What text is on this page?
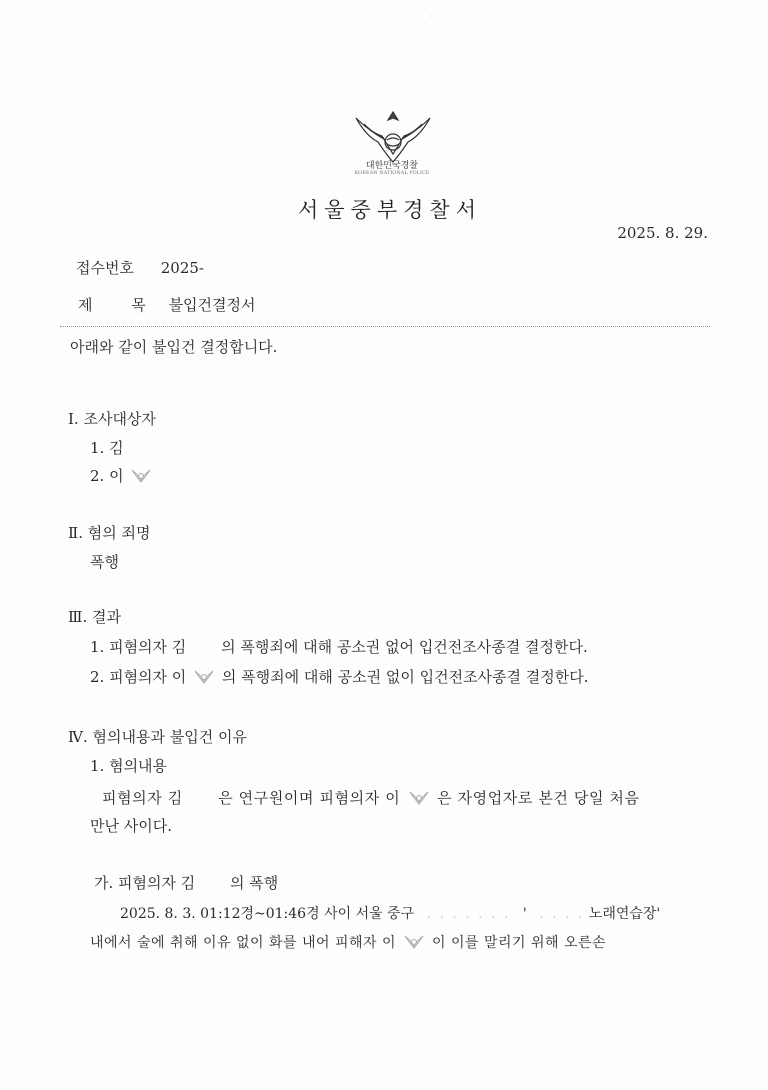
·	·	·
대한민국경찰
KOREAN NATIONAL POLICE
서울중부경찰서
2025. 8. 29.
접수번호 2025-
제	목 불입건결정서
아래와 같이 불입건 결정합니다.
Ⅰ. 조사대상자
1. 김
2. 이
Ⅱ. 혐의 죄명
폭행
Ⅲ. 결과
1. 피혐의자 김 의 폭행죄에 대해 공소권 없어 입건전조사종결 결정한다.
2. 피혐의자 이 의 폭행죄에 대해 공소권 없이 입건전조사종결 결정한다.
Ⅳ. 혐의내용과 불입건 이유
1. 혐의내용
피혐의자 김 은 연구원이며 피혐의자 이 은 자영업자로 본건 당일 처음
만난 사이다.
가. 피혐의자 김 의 폭행
2025. 8. 3. 01:12경~01:46경 사이 서울 중구 . . . . . . . ' . . . . 노래연습장'
내에서 술에 취해 이유 없이 화를 내어 피해자 이	이 이를 말리기 위해 오른손
